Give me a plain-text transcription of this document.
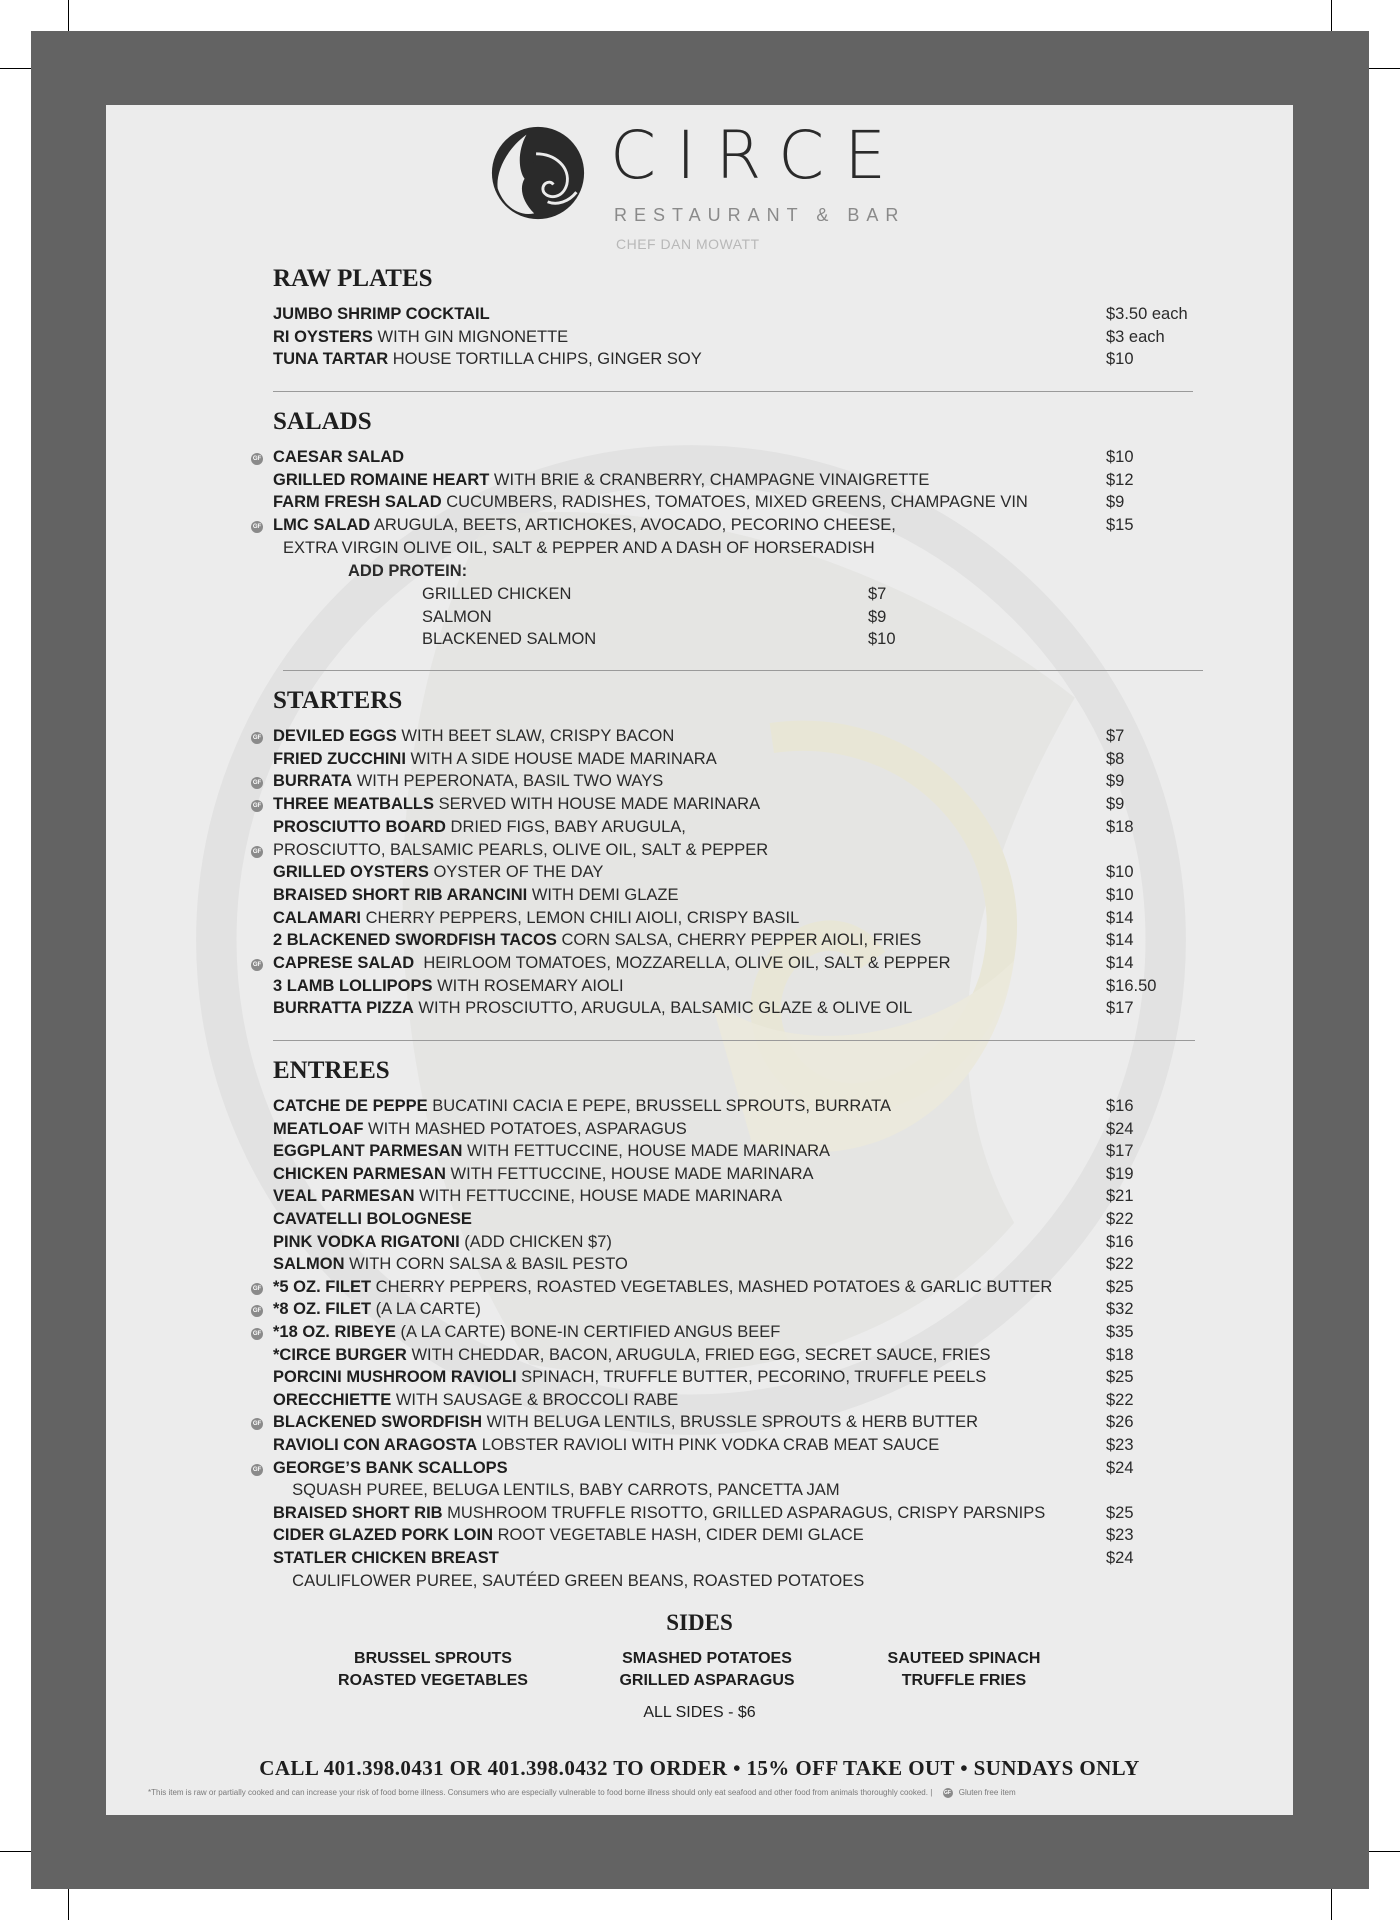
CIRCE
RESTAURANT & BAR
CHEF DAN MOWATT
RAW PLATES
JUMBO SHRIMP COCKTAIL	$3.50 each
RI OYSTERS WITH GIN MIGNONETTE	$3 each
TUNA TARTAR HOUSE TORTILLA CHIPS, GINGER SOY	$10
SALADS
CAESAR SALAD	$10
GF
GRILLED ROMAINE HEART WITH BRIE & CRANBERRY, CHAMPAGNE VINAIGRETTE	$12
FARM FRESH SALAD CUCUMBERS, RADISHES, TOMATOES, MIXED GREENS, CHAMPAGNE VIN	$9
LMC SALAD ARUGULA, BEETS, ARTICHOKES, AVOCADO, PECORINO CHEESE,	$15
GF
EXTRA VIRGIN OLIVE OIL, SALT & PEPPER AND A DASH OF HORSERADISH
ADD PROTEIN:
GRILLED CHICKEN	$7
SALMON	$9
BLACKENED SALMON	$10
STARTERS
DEVILED EGGS WITH BEET SLAW, CRISPY BACON	$7
GF
FRIED ZUCCHINI WITH A SIDE HOUSE MADE MARINARA	$8
BURRATA WITH PEPERONATA, BASIL TWO WAYS	$9
GF
THREE MEATBALLS SERVED WITH HOUSE MADE MARINARA	$9
GF
PROSCIUTTO BOARD DRIED FIGS, BABY ARUGULA,	$18
PROSCIUTTO, BALSAMIC PEARLS, OLIVE OIL, SALT & PEPPER
GF
GRILLED OYSTERS OYSTER OF THE DAY	$10
BRAISED SHORT RIB ARANCINI WITH DEMI GLAZE	$10
CALAMARI CHERRY PEPPERS, LEMON CHILI AIOLI, CRISPY BASIL	$14
2 BLACKENED SWORDFISH TACOS CORN SALSA, CHERRY PEPPER AIOLI, FRIES	$14
CAPRESE SALAD  HEIRLOOM TOMATOES, MOZZARELLA, OLIVE OIL, SALT & PEPPER	$14
GF
3 LAMB LOLLIPOPS WITH ROSEMARY AIOLI	$16.50
BURRATTA PIZZA WITH PROSCIUTTO, ARUGULA, BALSAMIC GLAZE & OLIVE OIL	$17
ENTREES
CATCHE DE PEPPE BUCATINI CACIA E PEPE, BRUSSELL SPROUTS, BURRATA	$16
MEATLOAF WITH MASHED POTATOES, ASPARAGUS	$24
EGGPLANT PARMESAN WITH FETTUCCINE, HOUSE MADE MARINARA	$17
CHICKEN PARMESAN WITH FETTUCCINE, HOUSE MADE MARINARA	$19
VEAL PARMESAN WITH FETTUCCINE, HOUSE MADE MARINARA	$21
CAVATELLI BOLOGNESE	$22
PINK VODKA RIGATONI (ADD CHICKEN $7)	$16
SALMON WITH CORN SALSA & BASIL PESTO	$22
*5 OZ. FILET CHERRY PEPPERS, ROASTED VEGETABLES, MASHED POTATOES & GARLIC BUTTER	$25
GF
*8 OZ. FILET (A LA CARTE)	$32
GF
*18 OZ. RIBEYE (A LA CARTE) BONE-IN CERTIFIED ANGUS BEEF	$35
GF
*CIRCE BURGER WITH CHEDDAR, BACON, ARUGULA, FRIED EGG, SECRET SAUCE, FRIES	$18
PORCINI MUSHROOM RAVIOLI SPINACH, TRUFFLE BUTTER, PECORINO, TRUFFLE PEELS	$25
ORECCHIETTE WITH SAUSAGE & BROCCOLI RABE	$22
BLACKENED SWORDFISH WITH BELUGA LENTILS, BRUSSLE SPROUTS & HERB BUTTER	$26
GF
RAVIOLI CON ARAGOSTA LOBSTER RAVIOLI WITH PINK VODKA CRAB MEAT SAUCE	$23
GEORGE’S BANK SCALLOPS	$24
GF
SQUASH PUREE, BELUGA LENTILS, BABY CARROTS, PANCETTA JAM
BRAISED SHORT RIB MUSHROOM TRUFFLE RISOTTO, GRILLED ASPARAGUS, CRISPY PARSNIPS	$25
CIDER GLAZED PORK LOIN ROOT VEGETABLE HASH, CIDER DEMI GLACE	$23
STATLER CHICKEN BREAST	$24
CAULIFLOWER PUREE, SAUTÉED GREEN BEANS, ROASTED POTATOES
SIDES
BRUSSEL SPROUTS
ROASTED VEGETABLES
SMASHED POTATOES
GRILLED ASPARAGUS
SAUTEED SPINACH
TRUFFLE FRIES
ALL SIDES - $6
CALL 401.398.0431 OR 401.398.0432 TO ORDER • 15% OFF TAKE OUT • SUNDAYS ONLY
*This item is raw or partially cooked and can increase your risk of food borne illness. Consumers who are especially vulnerable to food borne illness should only eat seafood and other food from animals thoroughly cooked. | GF Gluten free item
